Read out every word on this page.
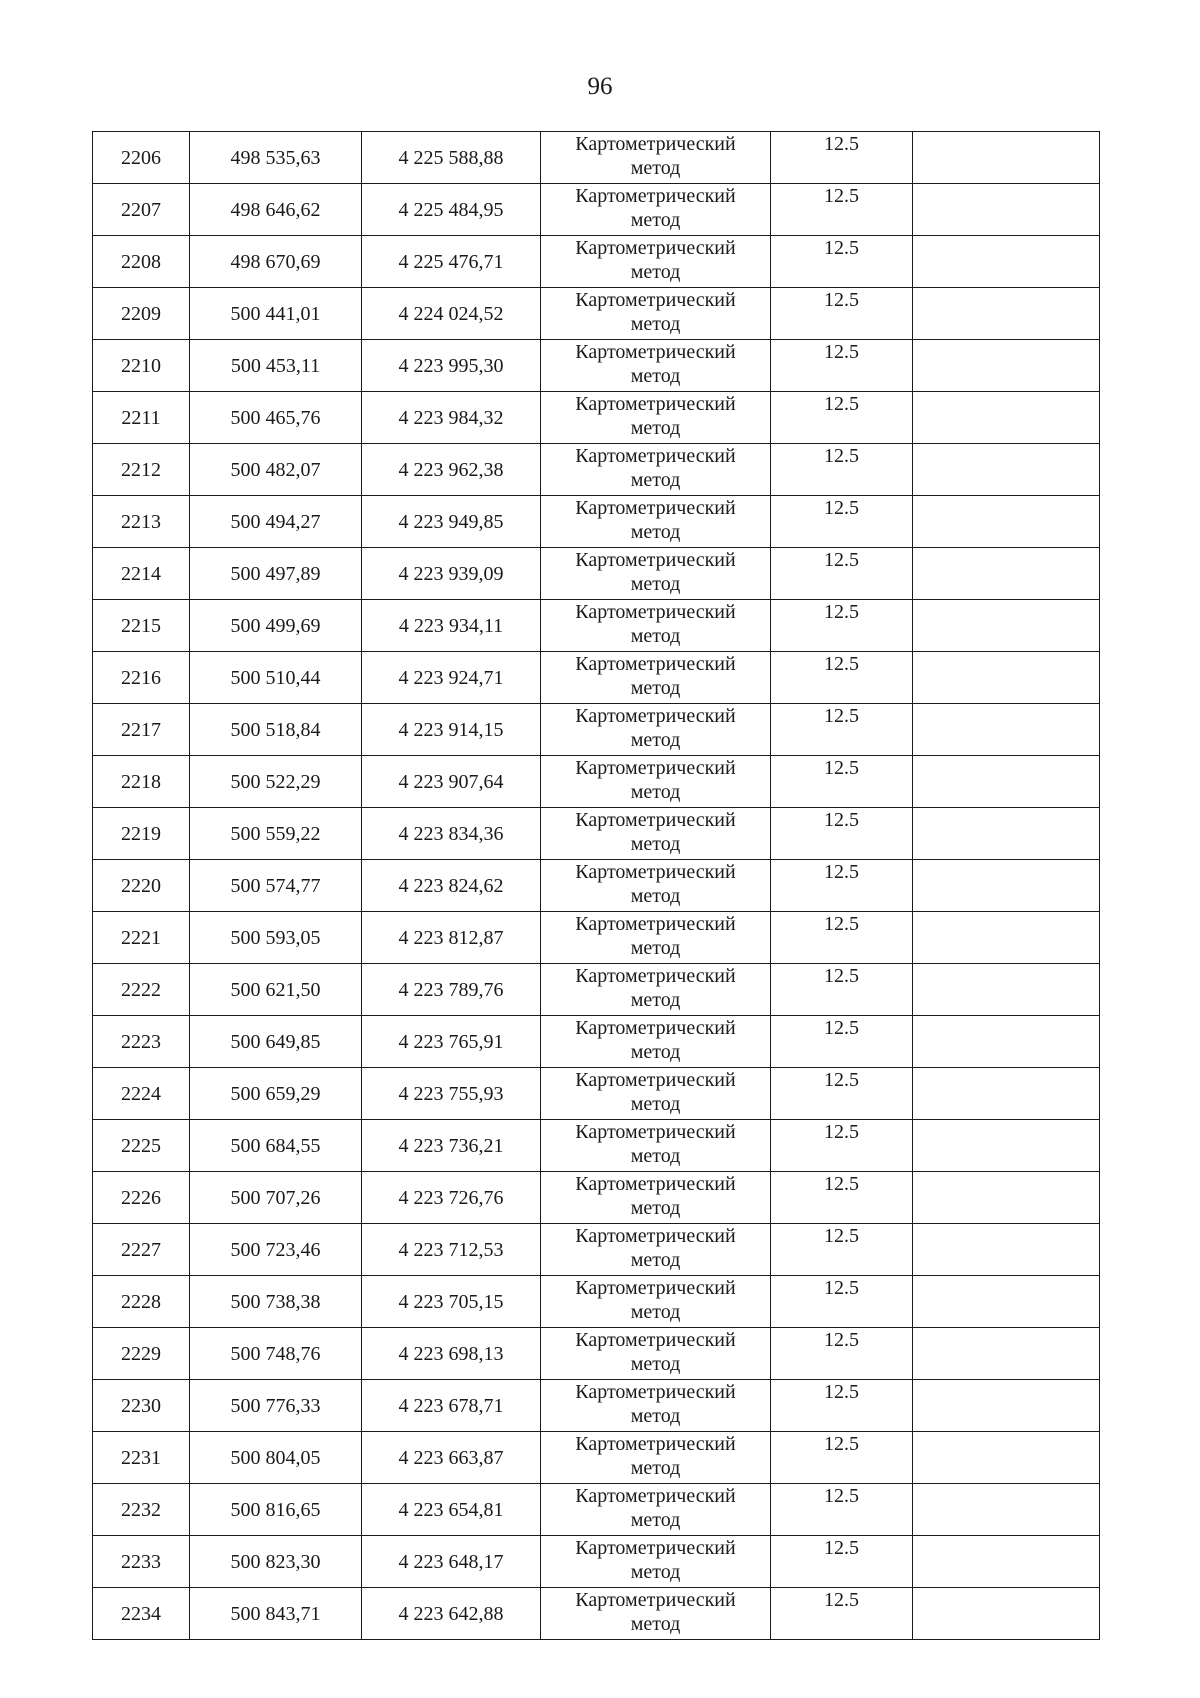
96
2206	498 535,63	4 225 588,88	Картометрический
метод	12.5	
2207	498 646,62	4 225 484,95	Картометрический
метод	12.5	
2208	498 670,69	4 225 476,71	Картометрический
метод	12.5	
2209	500 441,01	4 224 024,52	Картометрический
метод	12.5	
2210	500 453,11	4 223 995,30	Картометрический
метод	12.5	
2211	500 465,76	4 223 984,32	Картометрический
метод	12.5	
2212	500 482,07	4 223 962,38	Картометрический
метод	12.5	
2213	500 494,27	4 223 949,85	Картометрический
метод	12.5	
2214	500 497,89	4 223 939,09	Картометрический
метод	12.5	
2215	500 499,69	4 223 934,11	Картометрический
метод	12.5	
2216	500 510,44	4 223 924,71	Картометрический
метод	12.5	
2217	500 518,84	4 223 914,15	Картометрический
метод	12.5	
2218	500 522,29	4 223 907,64	Картометрический
метод	12.5	
2219	500 559,22	4 223 834,36	Картометрический
метод	12.5	
2220	500 574,77	4 223 824,62	Картометрический
метод	12.5	
2221	500 593,05	4 223 812,87	Картометрический
метод	12.5	
2222	500 621,50	4 223 789,76	Картометрический
метод	12.5	
2223	500 649,85	4 223 765,91	Картометрический
метод	12.5	
2224	500 659,29	4 223 755,93	Картометрический
метод	12.5	
2225	500 684,55	4 223 736,21	Картометрический
метод	12.5	
2226	500 707,26	4 223 726,76	Картометрический
метод	12.5	
2227	500 723,46	4 223 712,53	Картометрический
метод	12.5	
2228	500 738,38	4 223 705,15	Картометрический
метод	12.5	
2229	500 748,76	4 223 698,13	Картометрический
метод	12.5	
2230	500 776,33	4 223 678,71	Картометрический
метод	12.5	
2231	500 804,05	4 223 663,87	Картометрический
метод	12.5	
2232	500 816,65	4 223 654,81	Картометрический
метод	12.5	
2233	500 823,30	4 223 648,17	Картометрический
метод	12.5	
2234	500 843,71	4 223 642,88	Картометрический
метод	12.5	
